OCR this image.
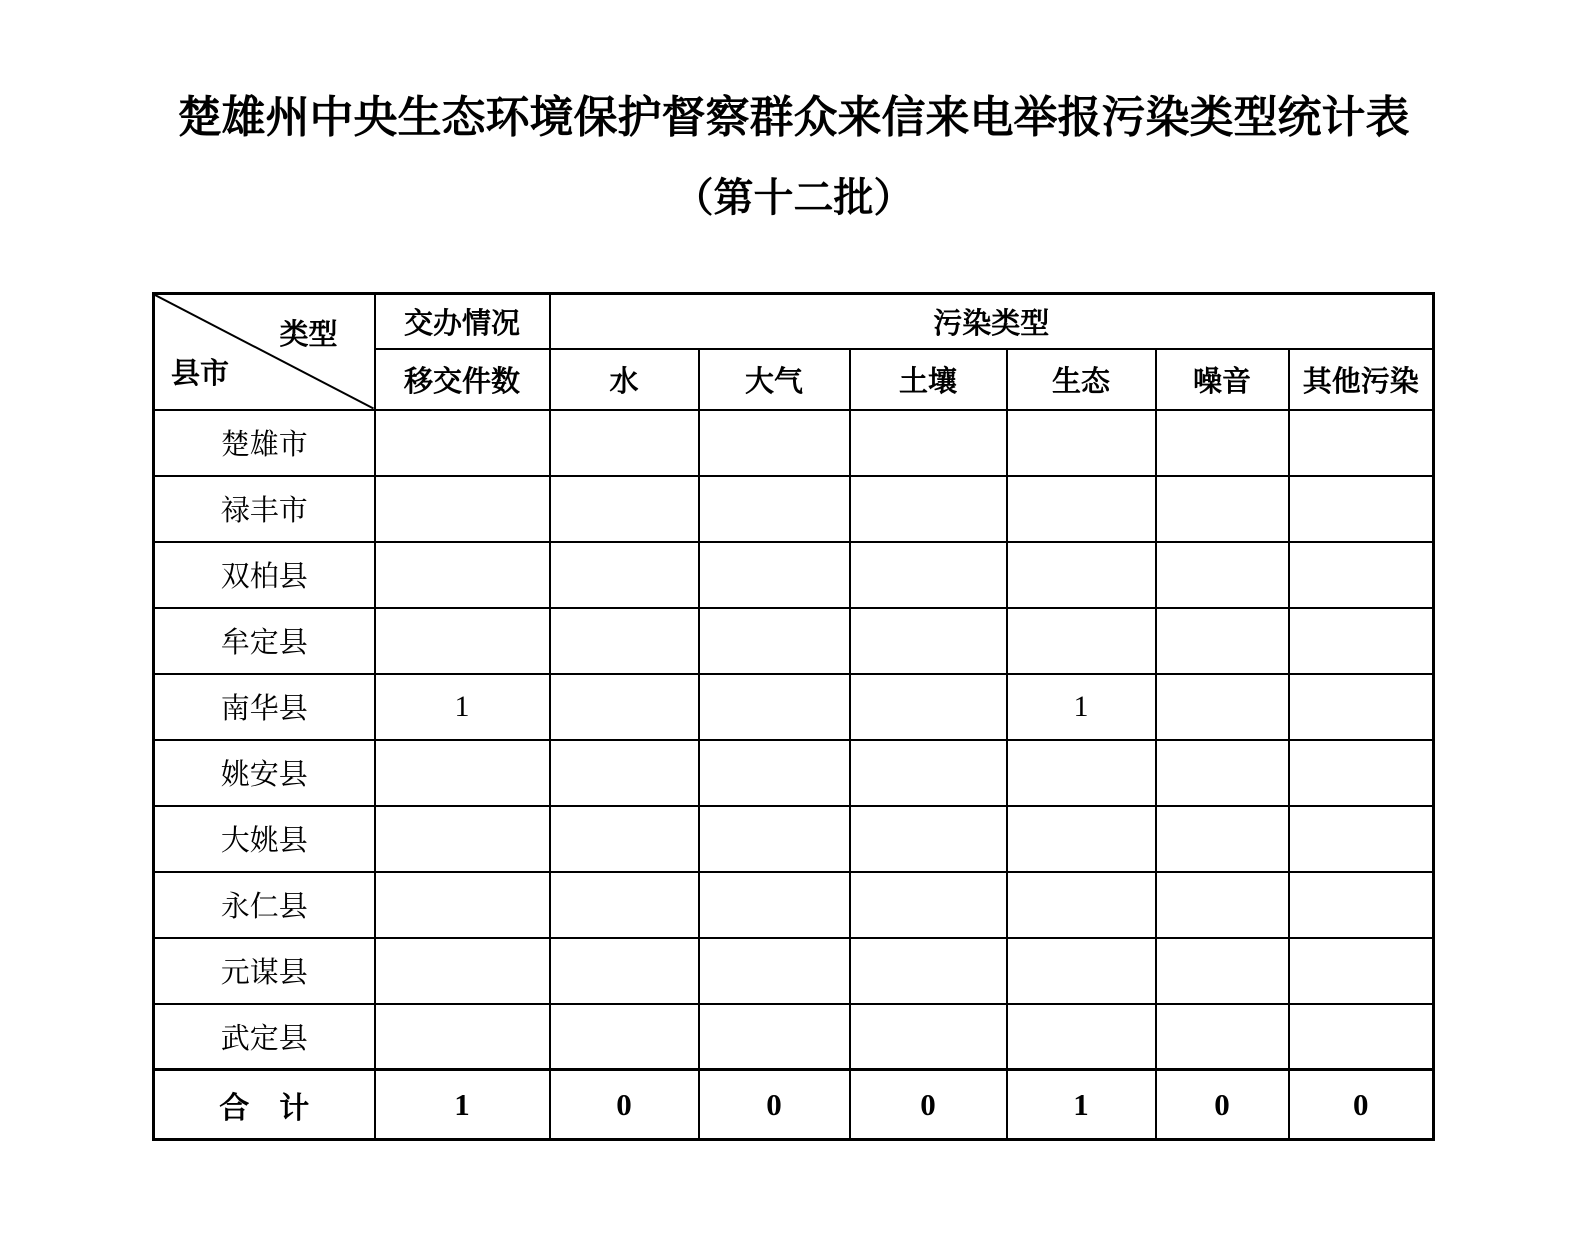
楚雄州中央生态环境保护督察群众来信来电举报污染类型统计表
（第十二批）
类型
县市	交办情况	污染类型					
	移交件数	水	大气	土壤	生态	噪音	其他污染
楚雄市							
禄丰市							
双柏县							
牟定县							
南华县	1				1		
姚安县							
大姚县							
永仁县							
元谋县							
武定县							
合　计	1	0	0	0	1	0	0
